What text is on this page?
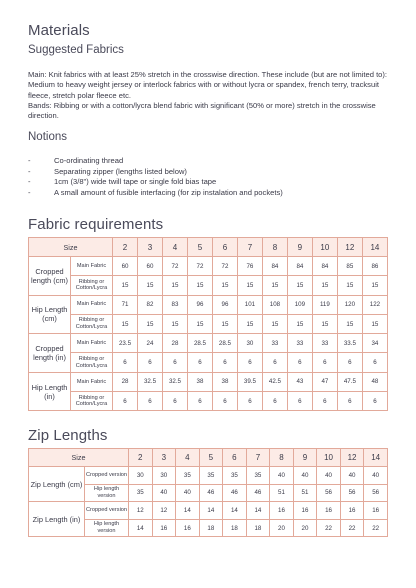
Materials
Suggested Fabrics

Main: Knit fabrics with at least 25% stretch in the crosswise direction. These include (but are not limited to): Medium to heavy weight jersey or interlock fabrics with or without lycra or spandex, french terry, tracksuit fleece, stretch polar fleece etc.

Bands: Ribbing or with a cotton/lycra blend fabric with significant (50% or more) stretch in the crosswise direction.

Notions
-	Co-ordinating thread
-	Separating zipper (lengths listed below)
-	1cm (3/8") wide twill tape or single fold bias tape
-	A small amount of fusible interfacing (for zip instalation and pockets)
Fabric requirements
Size		2	3	4	5	6	7	8	9	10	12	14
Cropped length (cm)	Main Fabric	60	60	72	72	72	76	84	84	84	85	86
	Ribbing or Cotton/Lycra	15	15	15	15	15	15	15	15	15	15	15
Hip Length (cm)	Main Fabric	71	82	83	96	96	101	108	109	119	120	122
	Ribbing or Cotton/Lycra	15	15	15	15	15	15	15	15	15	15	15
Cropped length (in)	Main Fabric	23.5	24	28	28.5	28.5	30	33	33	33	33.5	34
	Ribbing or Cotton/Lycra	6	6	6	6	6	6	6	6	6	6	6
Hip Length (in)	Main Fabric	28	32.5	32.5	38	38	39.5	42.5	43	47	47.5	48
	Ribbing or Cotton/Lycra	6	6	6	6	6	6	6	6	6	6	6
Zip Lengths
Size		2	3	4	5	6	7	8	9	10	12	14
Zip Length (cm)	Cropped version	30	30	35	35	35	35	40	40	40	40	40
	Hip length version	35	40	40	46	46	46	51	51	56	56	56
Zip Length (in)	Cropped version	12	12	14	14	14	14	16	16	16	16	16
	Hip length version	14	16	16	18	18	18	20	20	22	22	22
